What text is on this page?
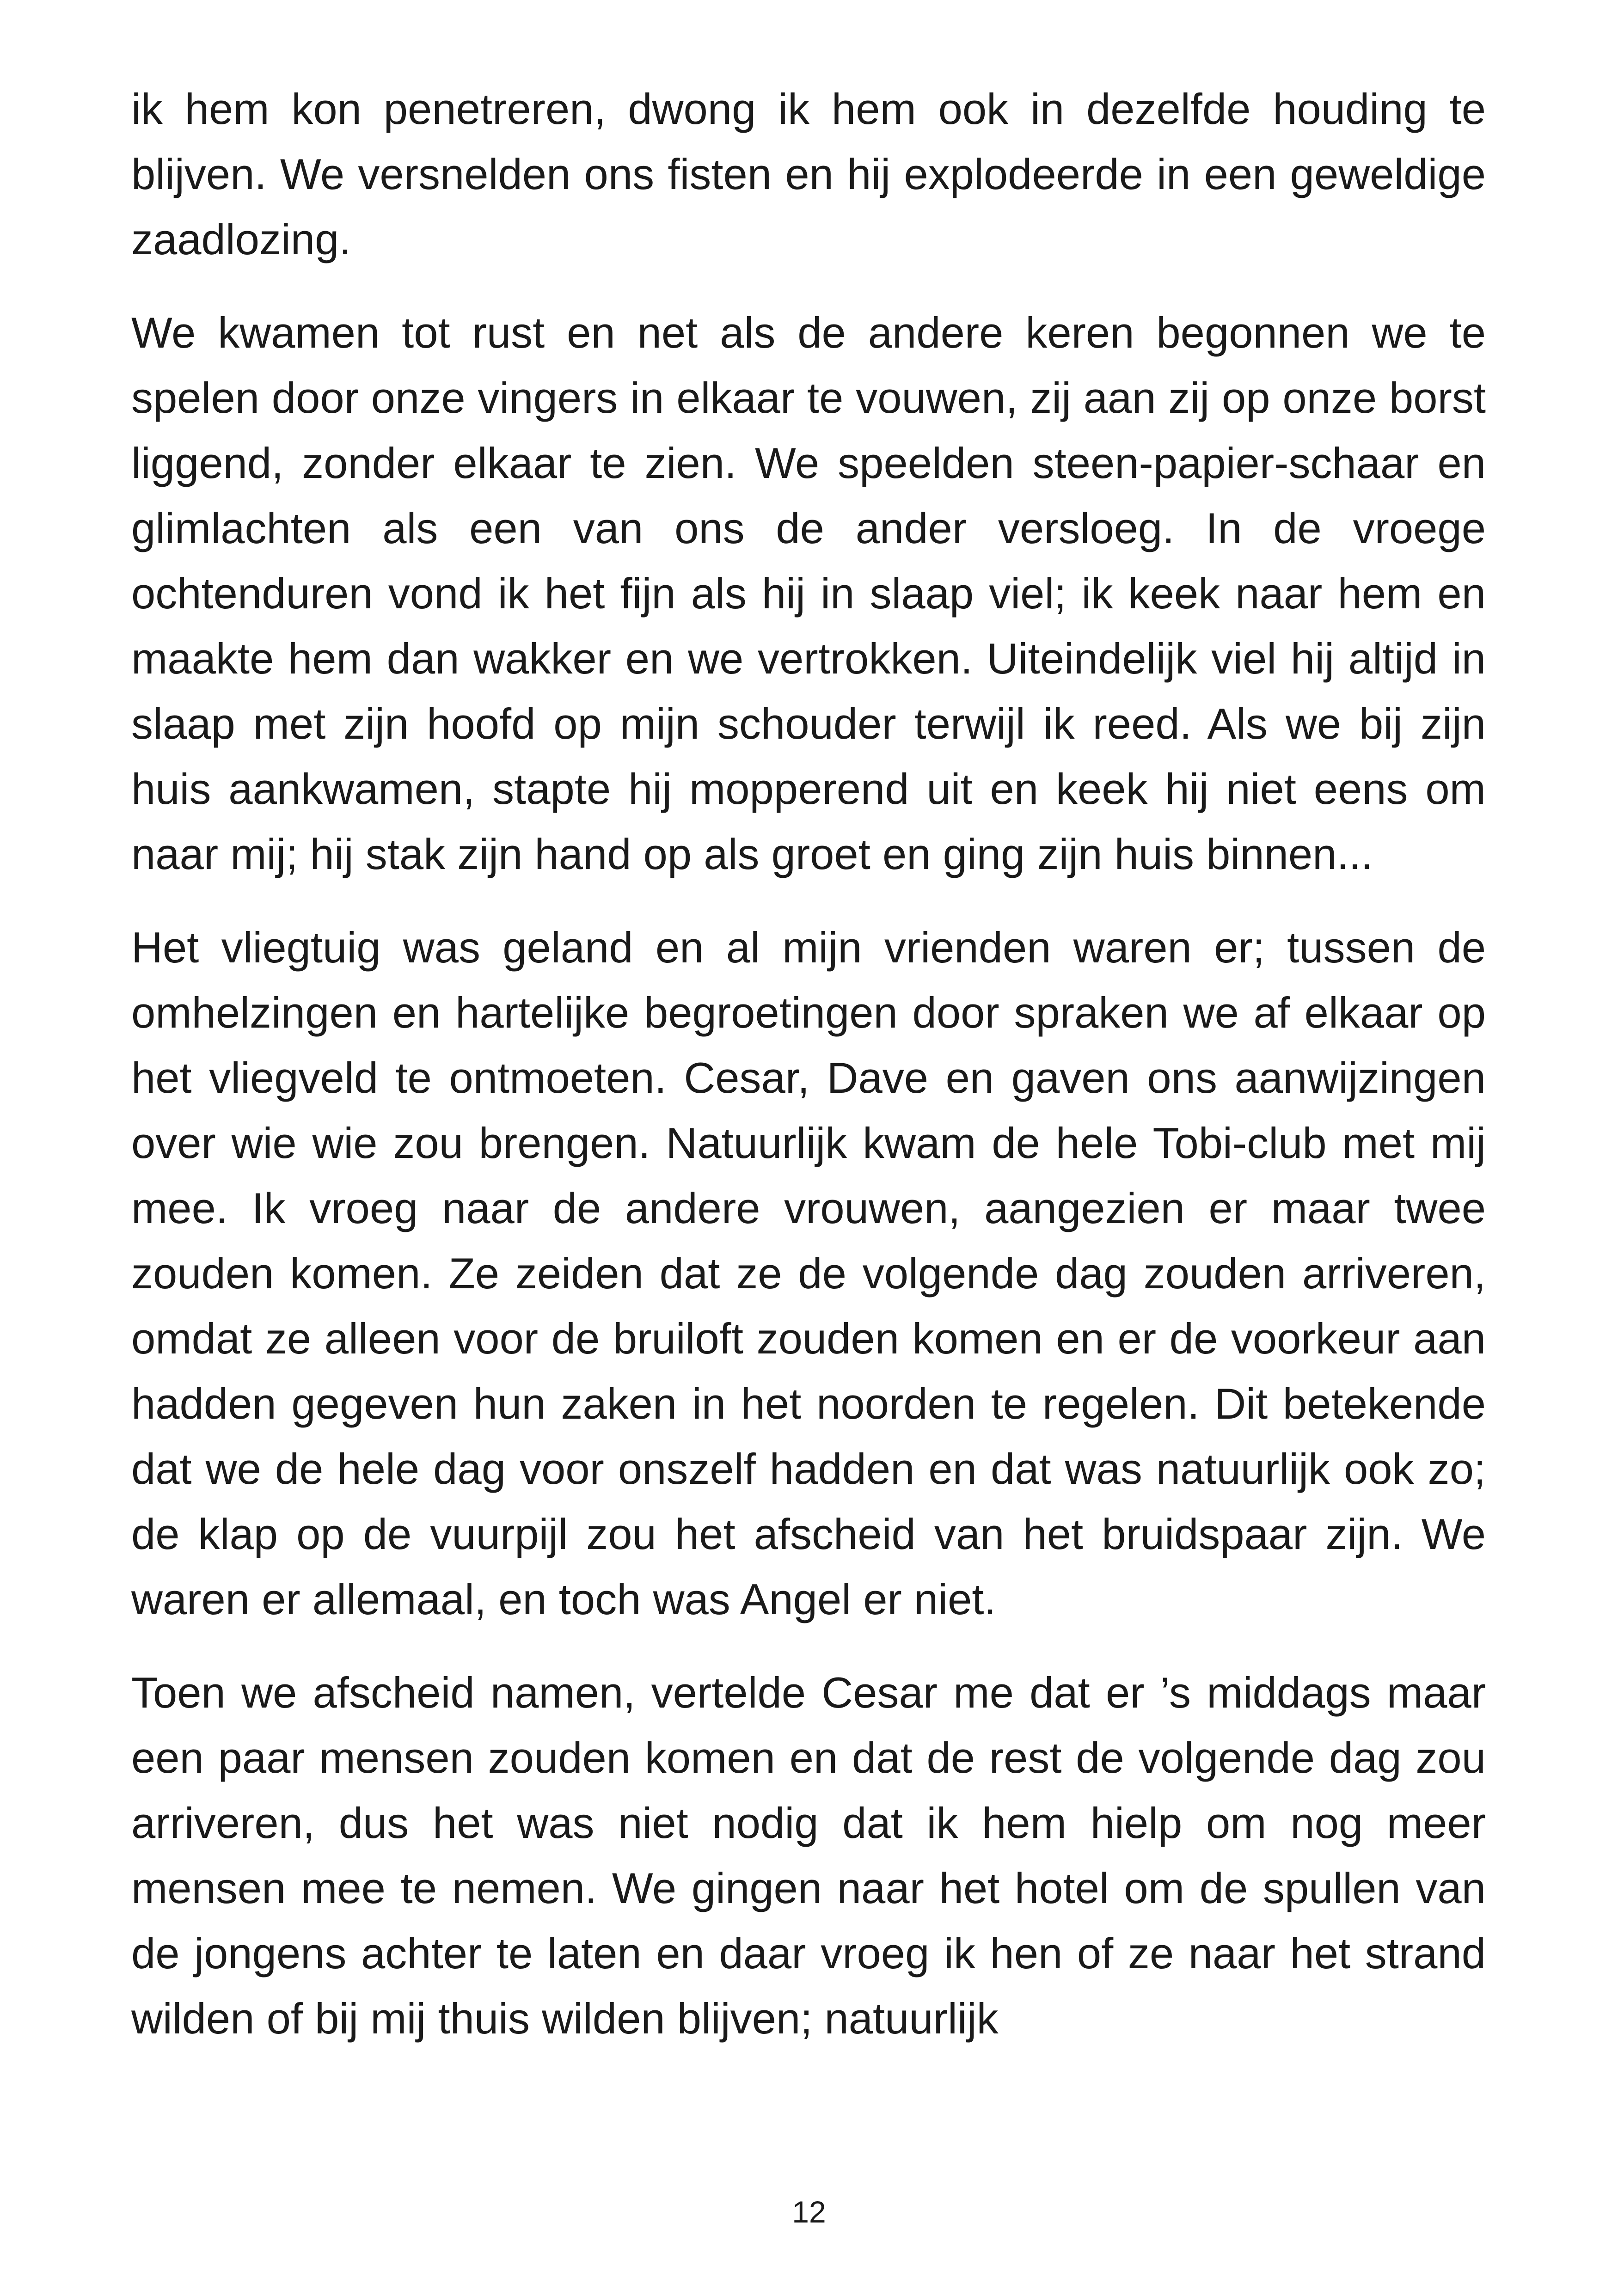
ik hem kon penetreren, dwong ik hem ook in dezelfde houding te blijven. We versnelden ons fisten en hij explodeerde in een geweldige zaadlozing.

We kwamen tot rust en net als de andere keren begonnen we te spelen door onze vingers in elkaar te vouwen, zij aan zij op onze borst liggend, zonder elkaar te zien. We speelden steen-papier-schaar en glimlachten als een van ons de ander versloeg. In de vroege ochtenduren vond ik het fijn als hij in slaap viel; ik keek naar hem en maakte hem dan wakker en we vertrokken. Uiteindelijk viel hij altijd in slaap met zijn hoofd op mijn schouder terwijl ik reed. Als we bij zijn huis aankwamen, stapte hij mopperend uit en keek hij niet eens om naar mij; hij stak zijn hand op als groet en ging zijn huis binnen...

Het vliegtuig was geland en al mijn vrienden waren er; tussen de omhelzingen en hartelijke begroetingen door spraken we af elkaar op het vliegveld te ontmoeten. Cesar, Dave en gaven ons aanwijzingen over wie wie zou brengen. Natuurlijk kwam de hele Tobi-club met mij mee. Ik vroeg naar de andere vrouwen, aangezien er maar twee zouden komen. Ze zeiden dat ze de volgende dag zouden arriveren, omdat ze alleen voor de bruiloft zouden komen en er de voorkeur aan hadden gegeven hun zaken in het noorden te regelen. Dit betekende dat we de hele dag voor onszelf hadden en dat was natuurlijk ook zo; de klap op de vuurpijl zou het afscheid van het bruidspaar zijn. We waren er allemaal, en toch was Angel er niet.

Toen we afscheid namen, vertelde Cesar me dat er ’s middags maar een paar mensen zouden komen en dat de rest de volgende dag zou arriveren, dus het was niet nodig dat ik hem hielp om nog meer mensen mee te nemen. We gingen naar het hotel om de spullen van de jongens achter te laten en daar vroeg ik hen of ze naar het strand wilden of bij mij thuis wilden blijven; natuurlijk

12
